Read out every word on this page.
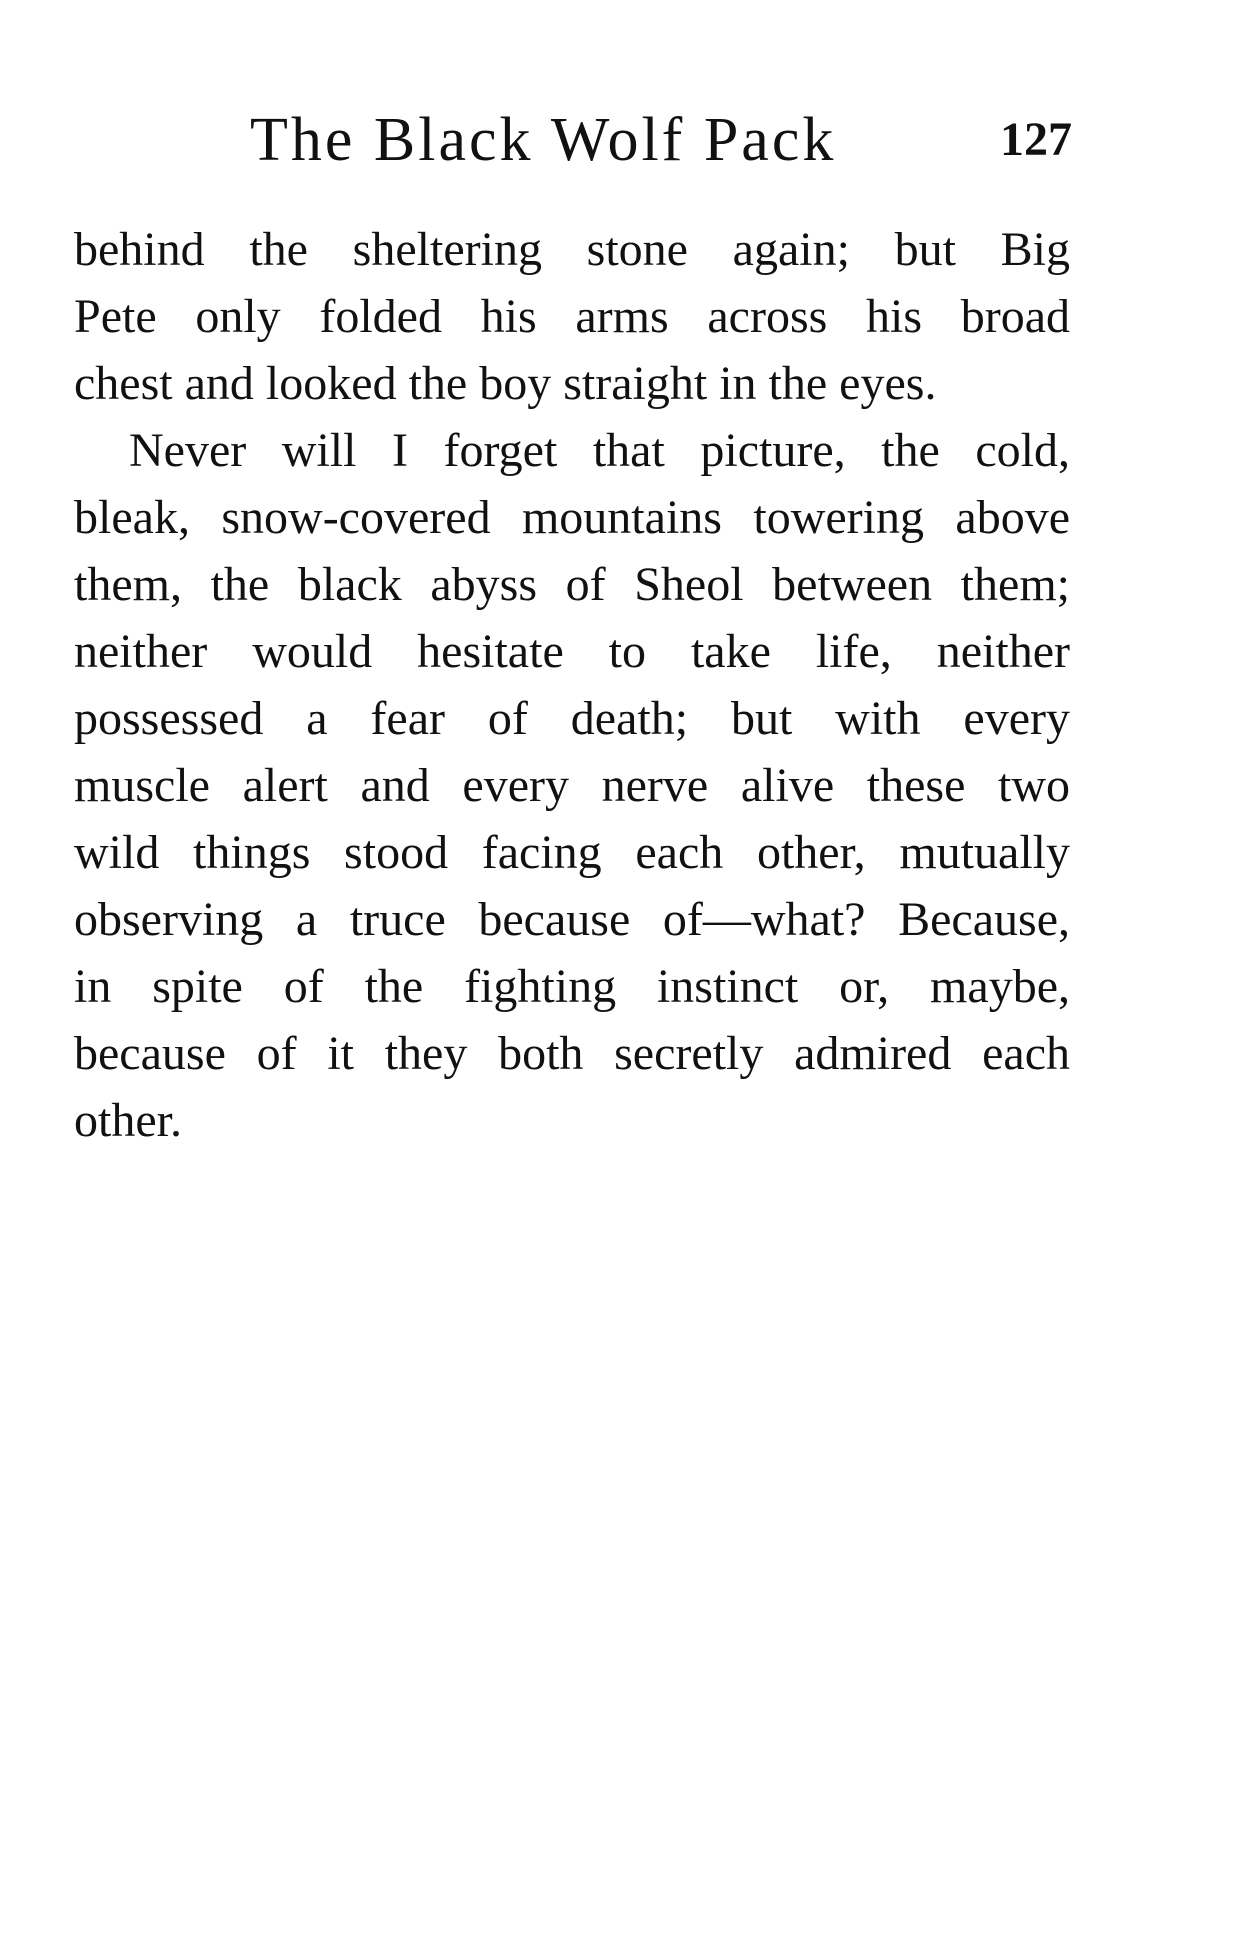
The Black Wolf Pack	127
behind the sheltering stone again; but Big
Pete only folded his arms across his broad
chest and looked the boy straight in the eyes.
Never will I forget that picture, the cold,
bleak, snow-covered mountains towering above
them, the black abyss of Sheol between them;
neither would hesitate to take life, neither
possessed a fear of death; but with every
muscle alert and every nerve alive these two
wild things stood facing each other, mutually
observing a truce because of—what? Because,
in spite of the fighting instinct or, maybe,
because of it they both secretly admired each
other.
